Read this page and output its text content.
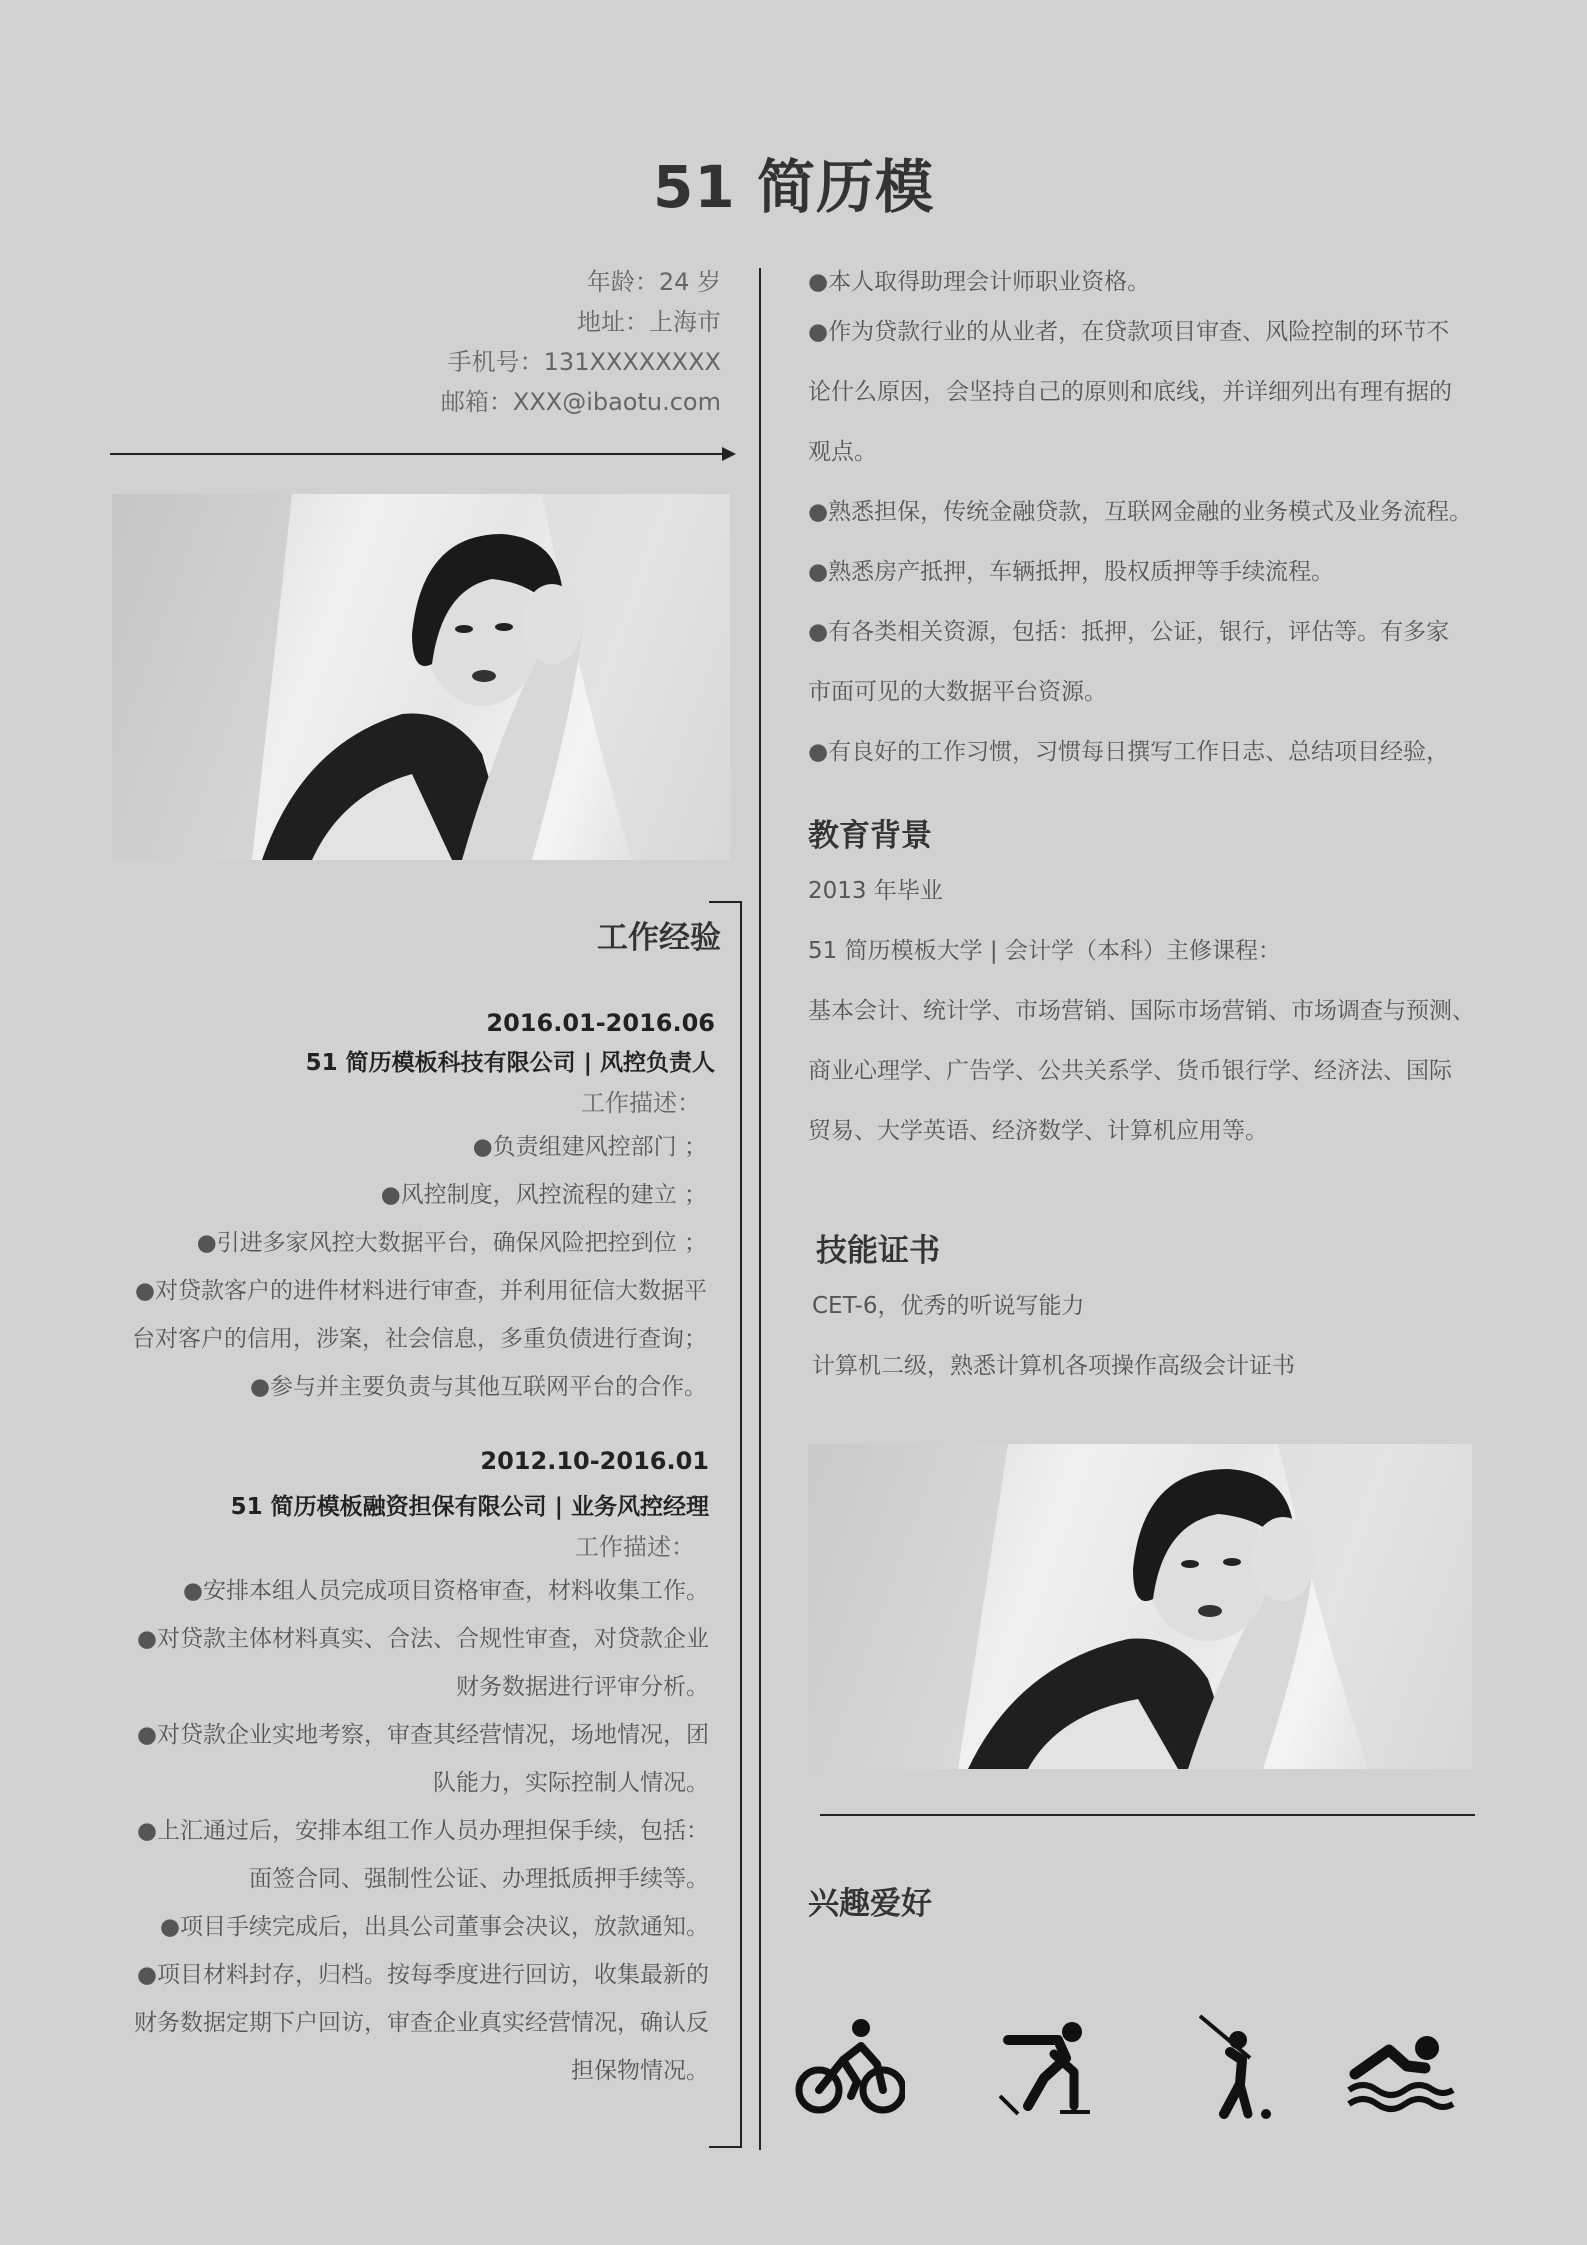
51 简历模
年龄：24 岁
地址：上海市
手机号：131XXXXXXXX
邮箱：XXX@ibaotu.com
工作经验
2016.01-2016.06
51 简历模板科技有限公司 | 风控负责人
工作描述：
●负责组建风控部门 ；
●风控制度，风控流程的建立 ；
●引进多家风控大数据平台，确保风险把控到位 ；
●对贷款客户的进件材料进行审查，并利用征信大数据平
台对客户的信用，涉案，社会信息，多重负债进行查询；
●参与并主要负责与其他互联网平台的合作。
2012.10-2016.01
51 简历模板融资担保有限公司 | 业务风控经理
工作描述：
●安排本组人员完成项目资格审查，材料收集工作。
●对贷款主体材料真实、合法、合规性审查，对贷款企业
财务数据进行评审分析。
●对贷款企业实地考察，审查其经营情况，场地情况，团
队能力，实际控制人情况。
●上汇通过后，安排本组工作人员办理担保手续，包括：
面签合同、强制性公证、办理抵质押手续等。
●项目手续完成后，出具公司董事会决议，放款通知。
●项目材料封存，归档。按每季度进行回访，收集最新的
财务数据定期下户回访，审查企业真实经营情况，确认反
担保物情况。
●本人取得助理会计师职业资格。
●作为贷款行业的从业者，在贷款项目审查、风险控制的环节不
论什么原因，会坚持自己的原则和底线，并详细列出有理有据的
观点。
●熟悉担保，传统金融贷款，互联网金融的业务模式及业务流程。
●熟悉房产抵押，车辆抵押，股权质押等手续流程。
●有各类相关资源，包括：抵押，公证，银行，评估等。有多家
市面可见的大数据平台资源。
●有良好的工作习惯，习惯每日撰写工作日志、总结项目经验，
教育背景
2013 年毕业
51 简历模板大学 | 会计学（本科）主修课程：
基本会计、统计学、市场营销、国际市场营销、市场调查与预测、
商业心理学、广告学、公共关系学、货币银行学、经济法、国际
贸易、大学英语、经济数学、计算机应用等。
技能证书
CET-6，优秀的听说写能力
计算机二级，熟悉计算机各项操作高级会计证书
兴趣爱好
